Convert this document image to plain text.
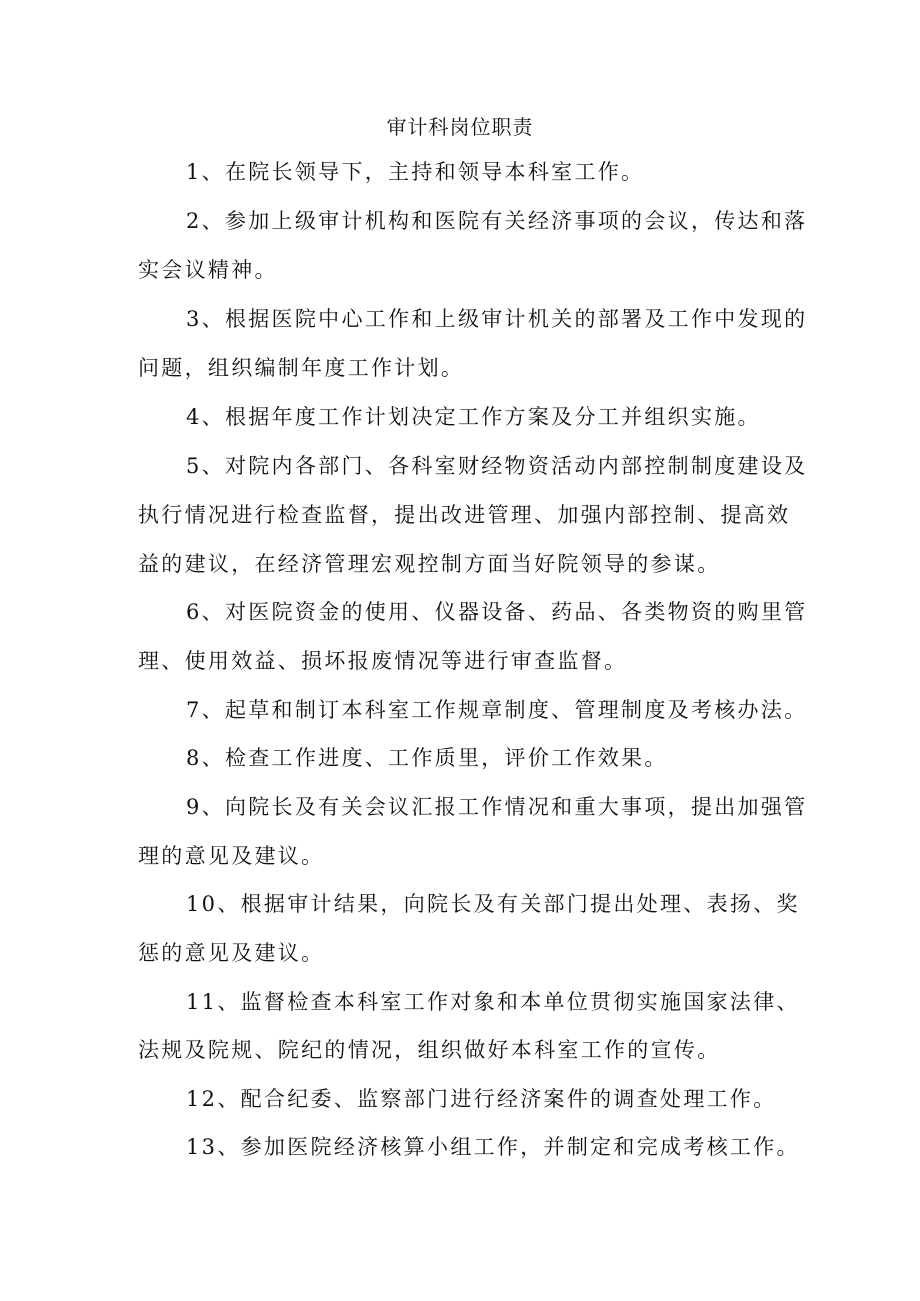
审计科岗位职责
1、在院长领导下，主持和领导本科室工作。
2、参加上级审计机构和医院有关经济事项的会议，传达和落
实会议精神。
3、根据医院中心工作和上级审计机关的部署及工作中发现的
问题，组织编制年度工作计划。
4、根据年度工作计划决定工作方案及分工并组织实施。
5、对院内各部门、各科室财经物资活动内部控制制度建设及
执行情况进行检查监督，提出改进管理、加强内部控制、提高效
益的建议，在经济管理宏观控制方面当好院领导的参谋。
6、对医院资金的使用、仪器设备、药品、各类物资的购里管
理、使用效益、损坏报废情况等进行审查监督。
7、起草和制订本科室工作规章制度、管理制度及考核办法。
8、检查工作进度、工作质里，评价工作效果。
9、向院长及有关会议汇报工作情况和重大事项，提出加强管
理的意见及建议。
10、根据审计结果，向院长及有关部门提出处理、表扬、奖
惩的意见及建议。
11、监督检查本科室工作对象和本单位贯彻实施国家法律、
法规及院规、院纪的情况，组织做好本科室工作的宣传。
12、配合纪委、监察部门进行经济案件的调查处理工作。
13、参加医院经济核算小组工作，并制定和完成考核工作。
